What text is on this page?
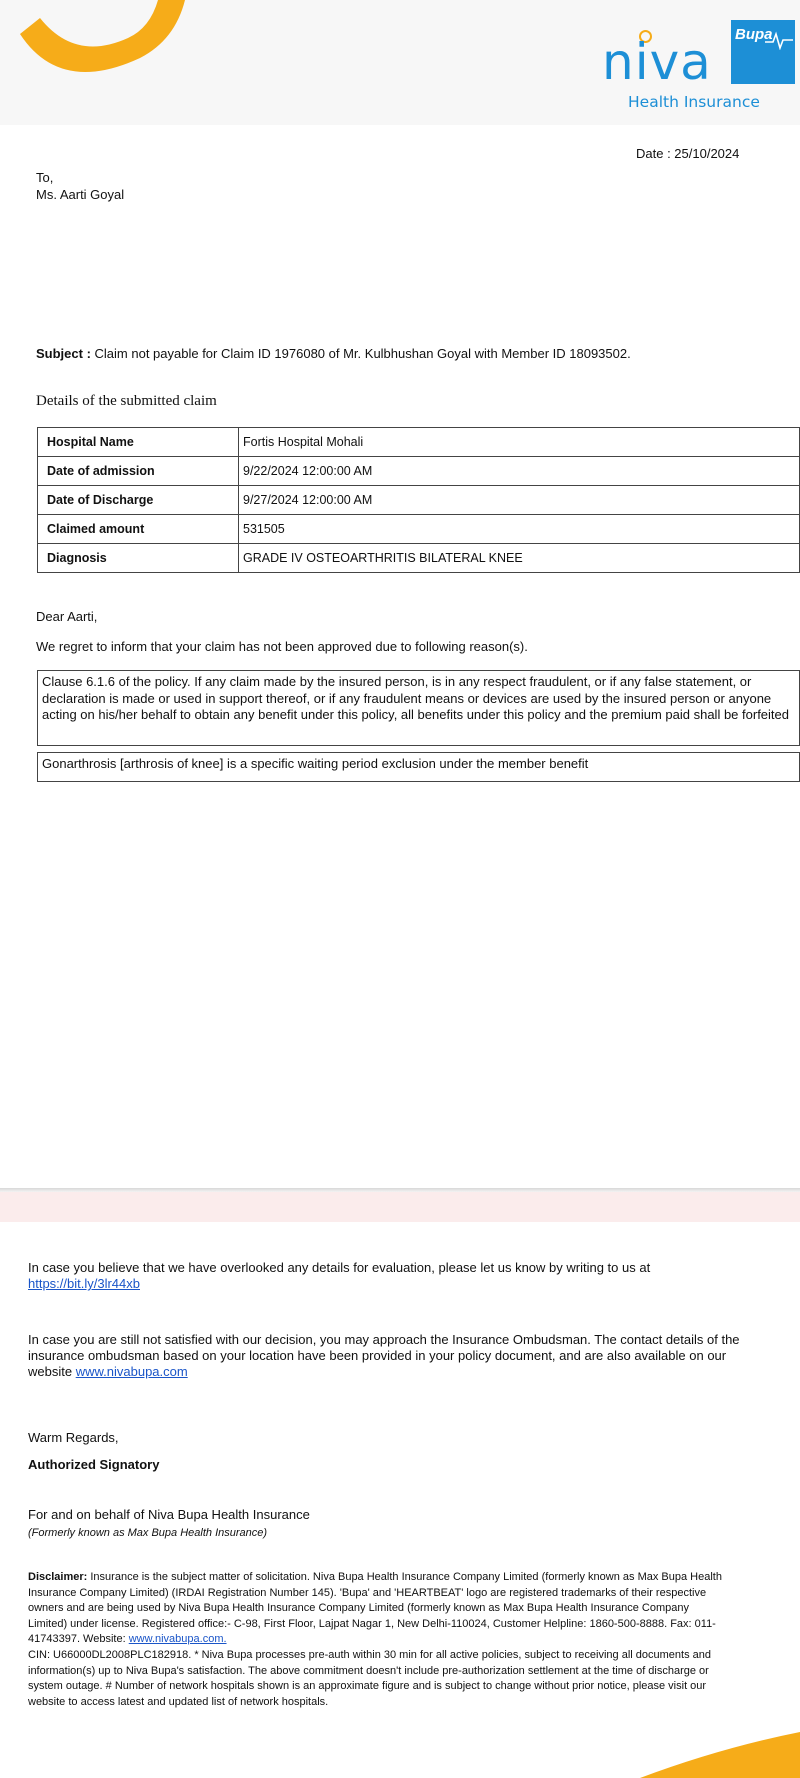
Bupa
niva
Health Insurance
Date : 25/10/2024
To,
Ms. Aarti Goyal
Subject : Claim not payable for Claim ID 1976080 of Mr. Kulbhushan Goyal with Member ID 18093502.
Details of the submitted claim
Hospital Name	Fortis Hospital Mohali
Date of admission	9/22/2024 12:00:00 AM
Date of Discharge	9/27/2024 12:00:00 AM
Claimed amount	531505
Diagnosis	GRADE IV OSTEOARTHRITIS BILATERAL KNEE
Dear Aarti,
We regret to inform that your claim has not been approved due to following reason(s).
Clause 6.1.6 of the policy. If any claim made by the insured person, is in any respect fraudulent, or if any false statement, or declaration is made or used in support thereof, or if any fraudulent means or devices are used by the insured person or anyone acting on his/her behalf to obtain any benefit under this policy, all benefits under this policy and the premium paid shall be forfeited
Gonarthrosis [arthrosis of knee] is a specific waiting period exclusion under the member benefit
In case you believe that we have overlooked any details for evaluation, please let us know by writing to us at
https://bit.ly/3lr44xb
In case you are still not satisfied with our decision, you may approach the Insurance Ombudsman. The contact details of the insurance ombudsman based on your location have been provided in your policy document, and are also available on our website www.nivabupa.com
Warm Regards,
Authorized Signatory
For and on behalf of Niva Bupa Health Insurance
(Formerly known as Max Bupa Health Insurance)
Disclaimer: Insurance is the subject matter of solicitation. Niva Bupa Health Insurance Company Limited (formerly known as Max Bupa Health Insurance Company Limited) (IRDAI Registration Number 145). 'Bupa' and 'HEARTBEAT' logo are registered trademarks of their respective owners and are being used by Niva Bupa Health Insurance Company Limited (formerly known as Max Bupa Health Insurance Company Limited) under license. Registered office:- C-98, First Floor, Lajpat Nagar 1, New Delhi-110024, Customer Helpline: 1860-500-8888. Fax: 011-41743397. Website: www.nivabupa.com.
CIN: U66000DL2008PLC182918. * Niva Bupa processes pre-auth within 30 min for all active policies, subject to receiving all documents and information(s) up to Niva Bupa's satisfaction. The above commitment doesn't include pre-authorization settlement at the time of discharge or system outage. # Number of network hospitals shown is an approximate figure and is subject to change without prior notice, please visit our website to access latest and updated list of network hospitals.
